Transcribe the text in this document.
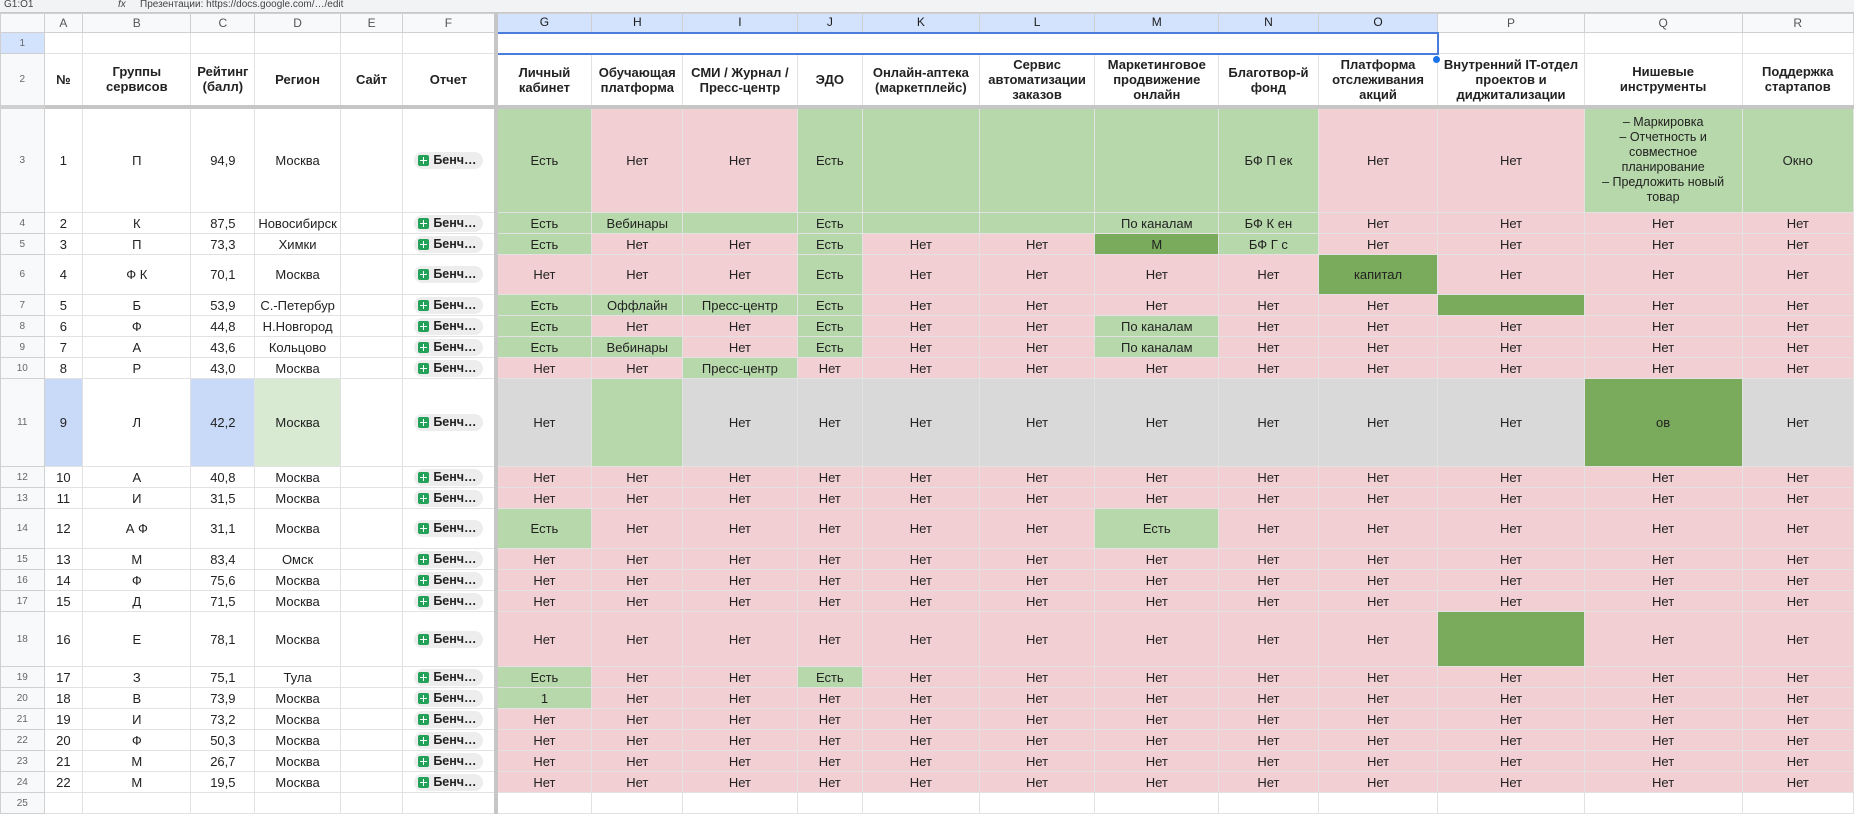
G1:O1	fx Презентации: https://docs.google.com/…/edit
	A	B	C	D	E	F	G	H	I	J	K	L	M	N	O	P	Q	R
1																		
2	№	Группы сервисов	Рейтинг (балл)	Регион	Сайт	Отчет	Личный кабинет	Обучающая платформа	СМИ / Журнал / Пресс-центр	ЭДО	Онлайн-аптека (маркетплейс)	Сервис автоматизации заказов	Маркетинговое продвижение онлайн	Благотвор-й фонд	Платформа отслеживания акций	Внутренний IT-отдел проектов и диджитализации	Нишевые инструменты	Поддержка стартапов
3	1	П	94,9	Москва		Бенч…	Есть	Нет	Нет	Есть				БФ П ек	Нет	Нет	– Маркировка
– Отчетность и совместное планирование
– Предложить новый товар	Окно
4	2	К	87,5	Новосибирск		Бенч…	Есть	Вебинары		Есть			По каналам	БФ К ен	Нет	Нет	Нет	Нет
5	3	П	73,3	Химки		Бенч…	Есть	Нет	Нет	Есть	Нет	Нет	М	БФ Г с	Нет	Нет	Нет	Нет
6	4	Ф К	70,1	Москва		Бенч…	Нет	Нет	Нет	Есть	Нет	Нет	Нет	Нет	капитал	Нет	Нет	Нет
7	5	Б	53,9	С.-Петербур		Бенч…	Есть	Оффлайн	Пресс-центр	Есть	Нет	Нет	Нет	Нет	Нет		Нет	Нет
8	6	Ф	44,8	Н.Новгород		Бенч…	Есть	Нет	Нет	Есть	Нет	Нет	По каналам	Нет	Нет	Нет	Нет	Нет
9	7	А	43,6	Кольцово		Бенч…	Есть	Вебинары	Нет	Есть	Нет	Нет	По каналам	Нет	Нет	Нет	Нет	Нет
10	8	Р	43,0	Москва		Бенч…	Нет	Нет	Пресс-центр	Нет	Нет	Нет	Нет	Нет	Нет	Нет	Нет	Нет
11	9	Л	42,2	Москва		Бенч…	Нет		Нет	Нет	Нет	Нет	Нет	Нет	Нет	Нет	ов	Нет
12	10	А	40,8	Москва		Бенч…	Нет	Нет	Нет	Нет	Нет	Нет	Нет	Нет	Нет	Нет	Нет	Нет
13	11	И	31,5	Москва		Бенч…	Нет	Нет	Нет	Нет	Нет	Нет	Нет	Нет	Нет	Нет	Нет	Нет
14	12	А Ф	31,1	Москва		Бенч…	Есть	Нет	Нет	Нет	Нет	Нет	Есть	Нет	Нет	Нет	Нет	Нет
15	13	М	83,4	Омск		Бенч…	Нет	Нет	Нет	Нет	Нет	Нет	Нет	Нет	Нет	Нет	Нет	Нет
16	14	Ф	75,6	Москва		Бенч…	Нет	Нет	Нет	Нет	Нет	Нет	Нет	Нет	Нет	Нет	Нет	Нет
17	15	Д	71,5	Москва		Бенч…	Нет	Нет	Нет	Нет	Нет	Нет	Нет	Нет	Нет	Нет	Нет	Нет
18	16	Е	78,1	Москва		Бенч…	Нет	Нет	Нет	Нет	Нет	Нет	Нет	Нет	Нет		Нет	Нет
19	17	З	75,1	Тула		Бенч…	Есть	Нет	Нет	Есть	Нет	Нет	Нет	Нет	Нет	Нет	Нет	Нет
20	18	В	73,9	Москва		Бенч…	1	Нет	Нет	Нет	Нет	Нет	Нет	Нет	Нет	Нет	Нет	Нет
21	19	И	73,2	Москва		Бенч…	Нет	Нет	Нет	Нет	Нет	Нет	Нет	Нет	Нет	Нет	Нет	Нет
22	20	Ф	50,3	Москва		Бенч…	Нет	Нет	Нет	Нет	Нет	Нет	Нет	Нет	Нет	Нет	Нет	Нет
23	21	М	26,7	Москва		Бенч…	Нет	Нет	Нет	Нет	Нет	Нет	Нет	Нет	Нет	Нет	Нет	Нет
24	22	М	19,5	Москва		Бенч…	Нет	Нет	Нет	Нет	Нет	Нет	Нет	Нет	Нет	Нет	Нет	Нет
25																		
